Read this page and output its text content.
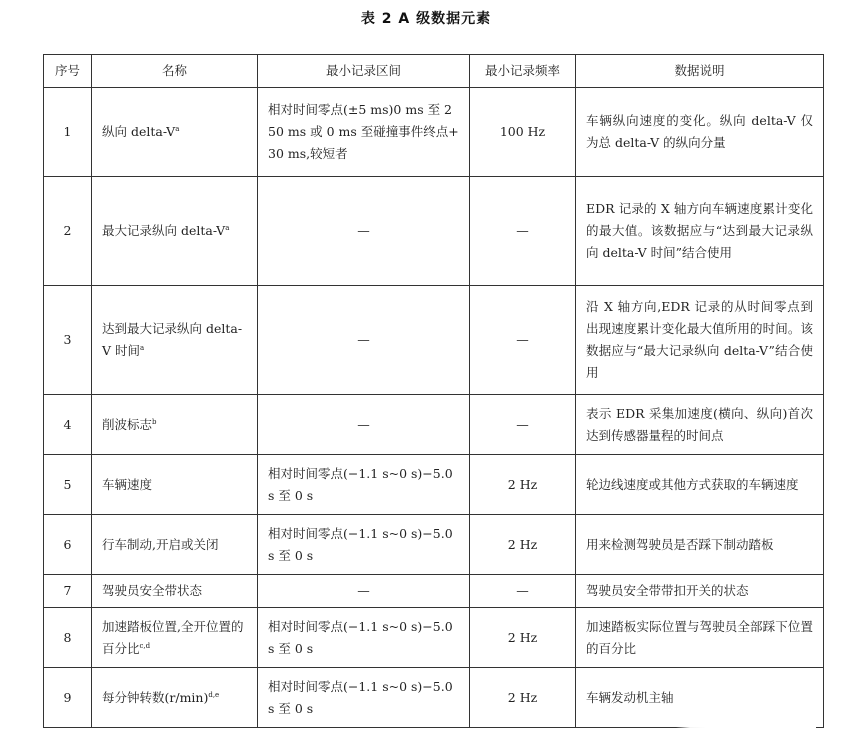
表 2 A 级数据元素
序号	名称	最小记录区间	最小记录频率	数据说明
1	纵向 delta-$V^a$	相对时间零点(±5 ms)0 ms 至 250 ms 或 0 ms 至碰撞事件终点+30 ms,较短者	100 Hz	车辆纵向速度的变化。纵向 delta-V 仅为总 delta-V 的纵向分量
2	最大记录纵向 delta-$V^a$	—	—	EDR 记录的 X 轴方向车辆速度累计变化的最大值。该数据应与“达到最大记录纵向 delta-V 时间”结合使用
3	达到最大记录纵向 delta-V 时间$^a$	—	—	沿 X 轴方向,EDR 记录的从时间零点到出现速度累计变化最大值所用的时间。该数据应与“最大记录纵向 delta-V”结合使用
4	削波标志$^b$	—	—	表示 EDR 采集加速度(横向、纵向)首次达到传感器量程的时间点
5	车辆速度	相对时间零点(−1.1 s~0 s)−5.0 s 至 0 s	2 Hz	轮边线速度或其他方式获取的车辆速度
6	行车制动,开启或关闭	相对时间零点(−1.1 s~0 s)−5.0 s 至 0 s	2 Hz	用来检测驾驶员是否踩下制动踏板
7	驾驶员安全带状态	—	—	驾驶员安全带带扣开关的状态
8	加速踏板位置,全开位置的百分比$^{c,d}$	相对时间零点(−1.1 s~0 s)−5.0 s 至 0 s	2 Hz	加速踏板实际位置与驾驶员全部踩下位置的百分比
9	每分钟转数$(r/\min)^{d,e}$	相对时间零点(−1.1 s~0 s)−5.0 s 至 0 s	2 Hz	车辆发动机主轴
